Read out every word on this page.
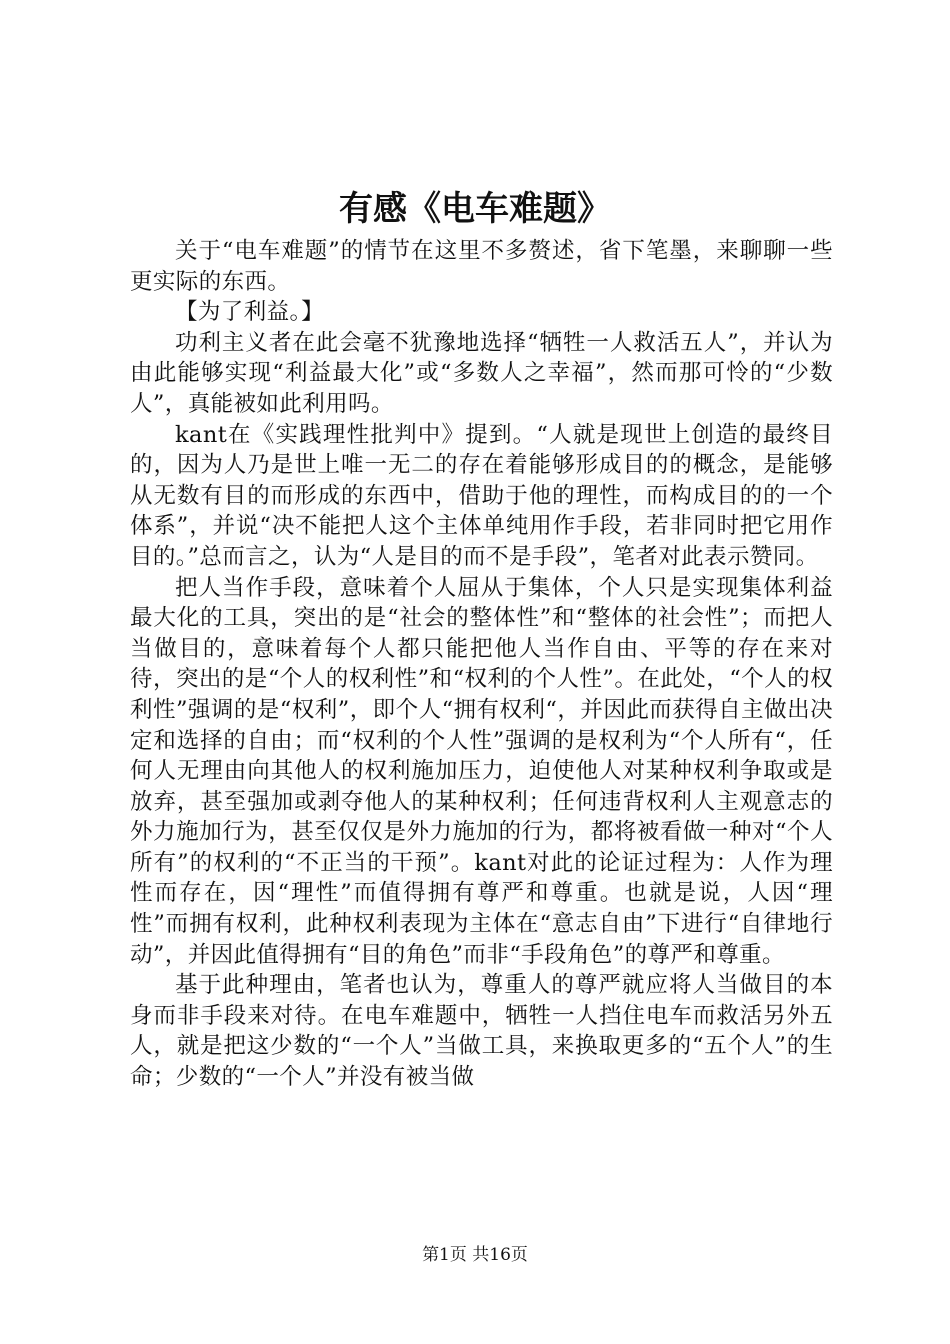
有感《电车难题》

关于“电车难题”的情节在这里不多赘述，省下笔墨，来聊聊一些更实际的东西。

【为了利益。】

功利主义者在此会毫不犹豫地选择“牺牲一人救活五人”，并认为由此能够实现“利益最大化”或“多数人之幸福”，然而那可怜的“少数人”，真能被如此利用吗。

kant在《实践理性批判中》提到。“人就是现世上创造的最终目的，因为人乃是世上唯一无二的存在着能够形成目的的概念，是能够从无数有目的而形成的东西中，借助于他的理性，而构成目的的一个体系”，并说“决不能把人这个主体单纯用作手段，若非同时把它用作目的。”总而言之，认为“人是目的而不是手段”，笔者对此表示赞同。

把人当作手段，意味着个人屈从于集体，个人只是实现集体利益最大化的工具，突出的是“社会的整体性”和“整体的社会性”；而把人当做目的，意味着每个人都只能把他人当作自由、平等的存在来对待，突出的是“个人的权利性”和“权利的个人性”。在此处，“个人的权利性”强调的是“权利”，即个人“拥有权利“，并因此而获得自主做出决定和选择的自由；而“权利的个人性”强调的是权利为“个人所有“，任何人无理由向其他人的权利施加压力，迫使他人对某种权利争取或是放弃，甚至强加或剥夺他人的某种权利；任何违背权利人主观意志的外力施加行为，甚至仅仅是外力施加的行为，都将被看做一种对“个人所有”的权利的“不正当的干预”。kant对此的论证过程为：人作为理性而存在，因“理性”而值得拥有尊严和尊重。也就是说，人因“理性”而拥有权利，此种权利表现为主体在“意志自由”下进行“自律地行动”，并因此值得拥有“目的角色”而非“手段角色”的尊严和尊重。

基于此种理由，笔者也认为，尊重人的尊严就应将人当做目的本身而非手段来对待。在电车难题中，牺牲一人挡住电车而救活另外五人，就是把这少数的“一个人”当做工具，来换取更多的“五个人”的生命；少数的“一个人”并没有被当做

第1页 共16页
